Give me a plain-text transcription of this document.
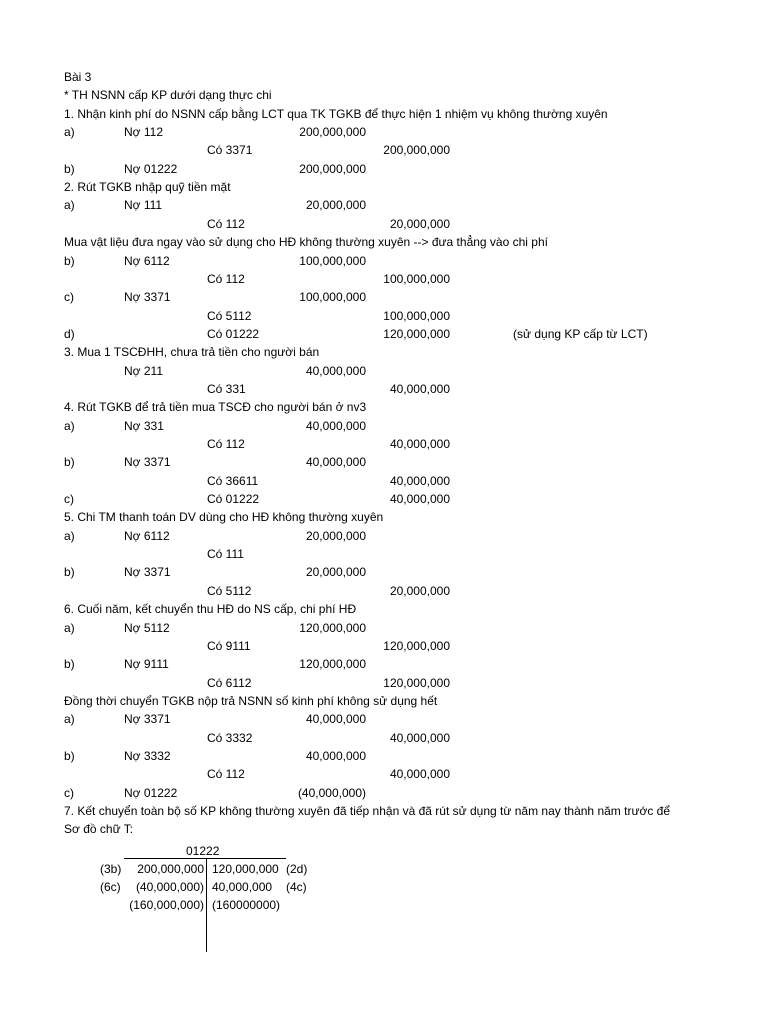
Bài 3
* TH NSNN cấp KP dưới dạng thực chi
1. Nhận kinh phí do NSNN cấp bằng LCT qua TK TGKB để thực hiện 1 nhiệm vụ không thường xuyên
a)	Nợ 112	200,000,000
Có 3371	200,000,000
b)	Nợ 01222	200,000,000
2. Rút TGKB nhập quỹ tiền mặt
a)	Nợ 111	20,000,000
Có 112	20,000,000
Mua vật liệu đưa ngay vào sử dụng cho HĐ không thường xuyên --> đưa thẳng vào chi phí
b)	Nợ 6112	100,000,000
Có 112	100,000,000
c)	Nợ 3371	100,000,000
Có 5112	100,000,000
d)	Có 01222	120,000,000	(sử dụng KP cấp từ LCT)
3. Mua 1 TSCĐHH, chưa trả tiền cho người bán
Nợ 211	40,000,000
Có 331	40,000,000
4. Rút TGKB để trả tiền mua TSCĐ cho người bán ở nv3
a)	Nợ 331	40,000,000
Có 112	40,000,000
b)	Nợ 3371	40,000,000
Có 36611	40,000,000
c)	Có 01222	40,000,000
5. Chi TM thanh toán DV dùng cho HĐ không thường xuyên
a)	Nợ 6112	20,000,000
Có 111
b)	Nợ 3371	20,000,000
Có 5112	20,000,000
6. Cuối năm, kết chuyển thu HĐ do NS cấp, chi phí HĐ
a)	Nợ 5112	120,000,000
Có 9111	120,000,000
b)	Nợ 9111	120,000,000
Có 6112	120,000,000
Đồng thời chuyển TGKB nộp trả NSNN số kinh phí không sử dụng hết
a)	Nợ 3371	40,000,000
Có 3332	40,000,000
b)	Nợ 3332	40,000,000
Có 112	40,000,000
c)	Nợ 01222	(40,000,000)
7. Kết chuyển toàn bộ số KP không thường xuyên đã tiếp nhận và đã rút sử dụng từ năm nay thành năm trước để
Sơ đồ chữ T:
01222
(3b)	200,000,000 120,000,000 (2d)
(6c)	(40,000,000) 40,000,000 (4c)
(160,000,000) (160000000)
